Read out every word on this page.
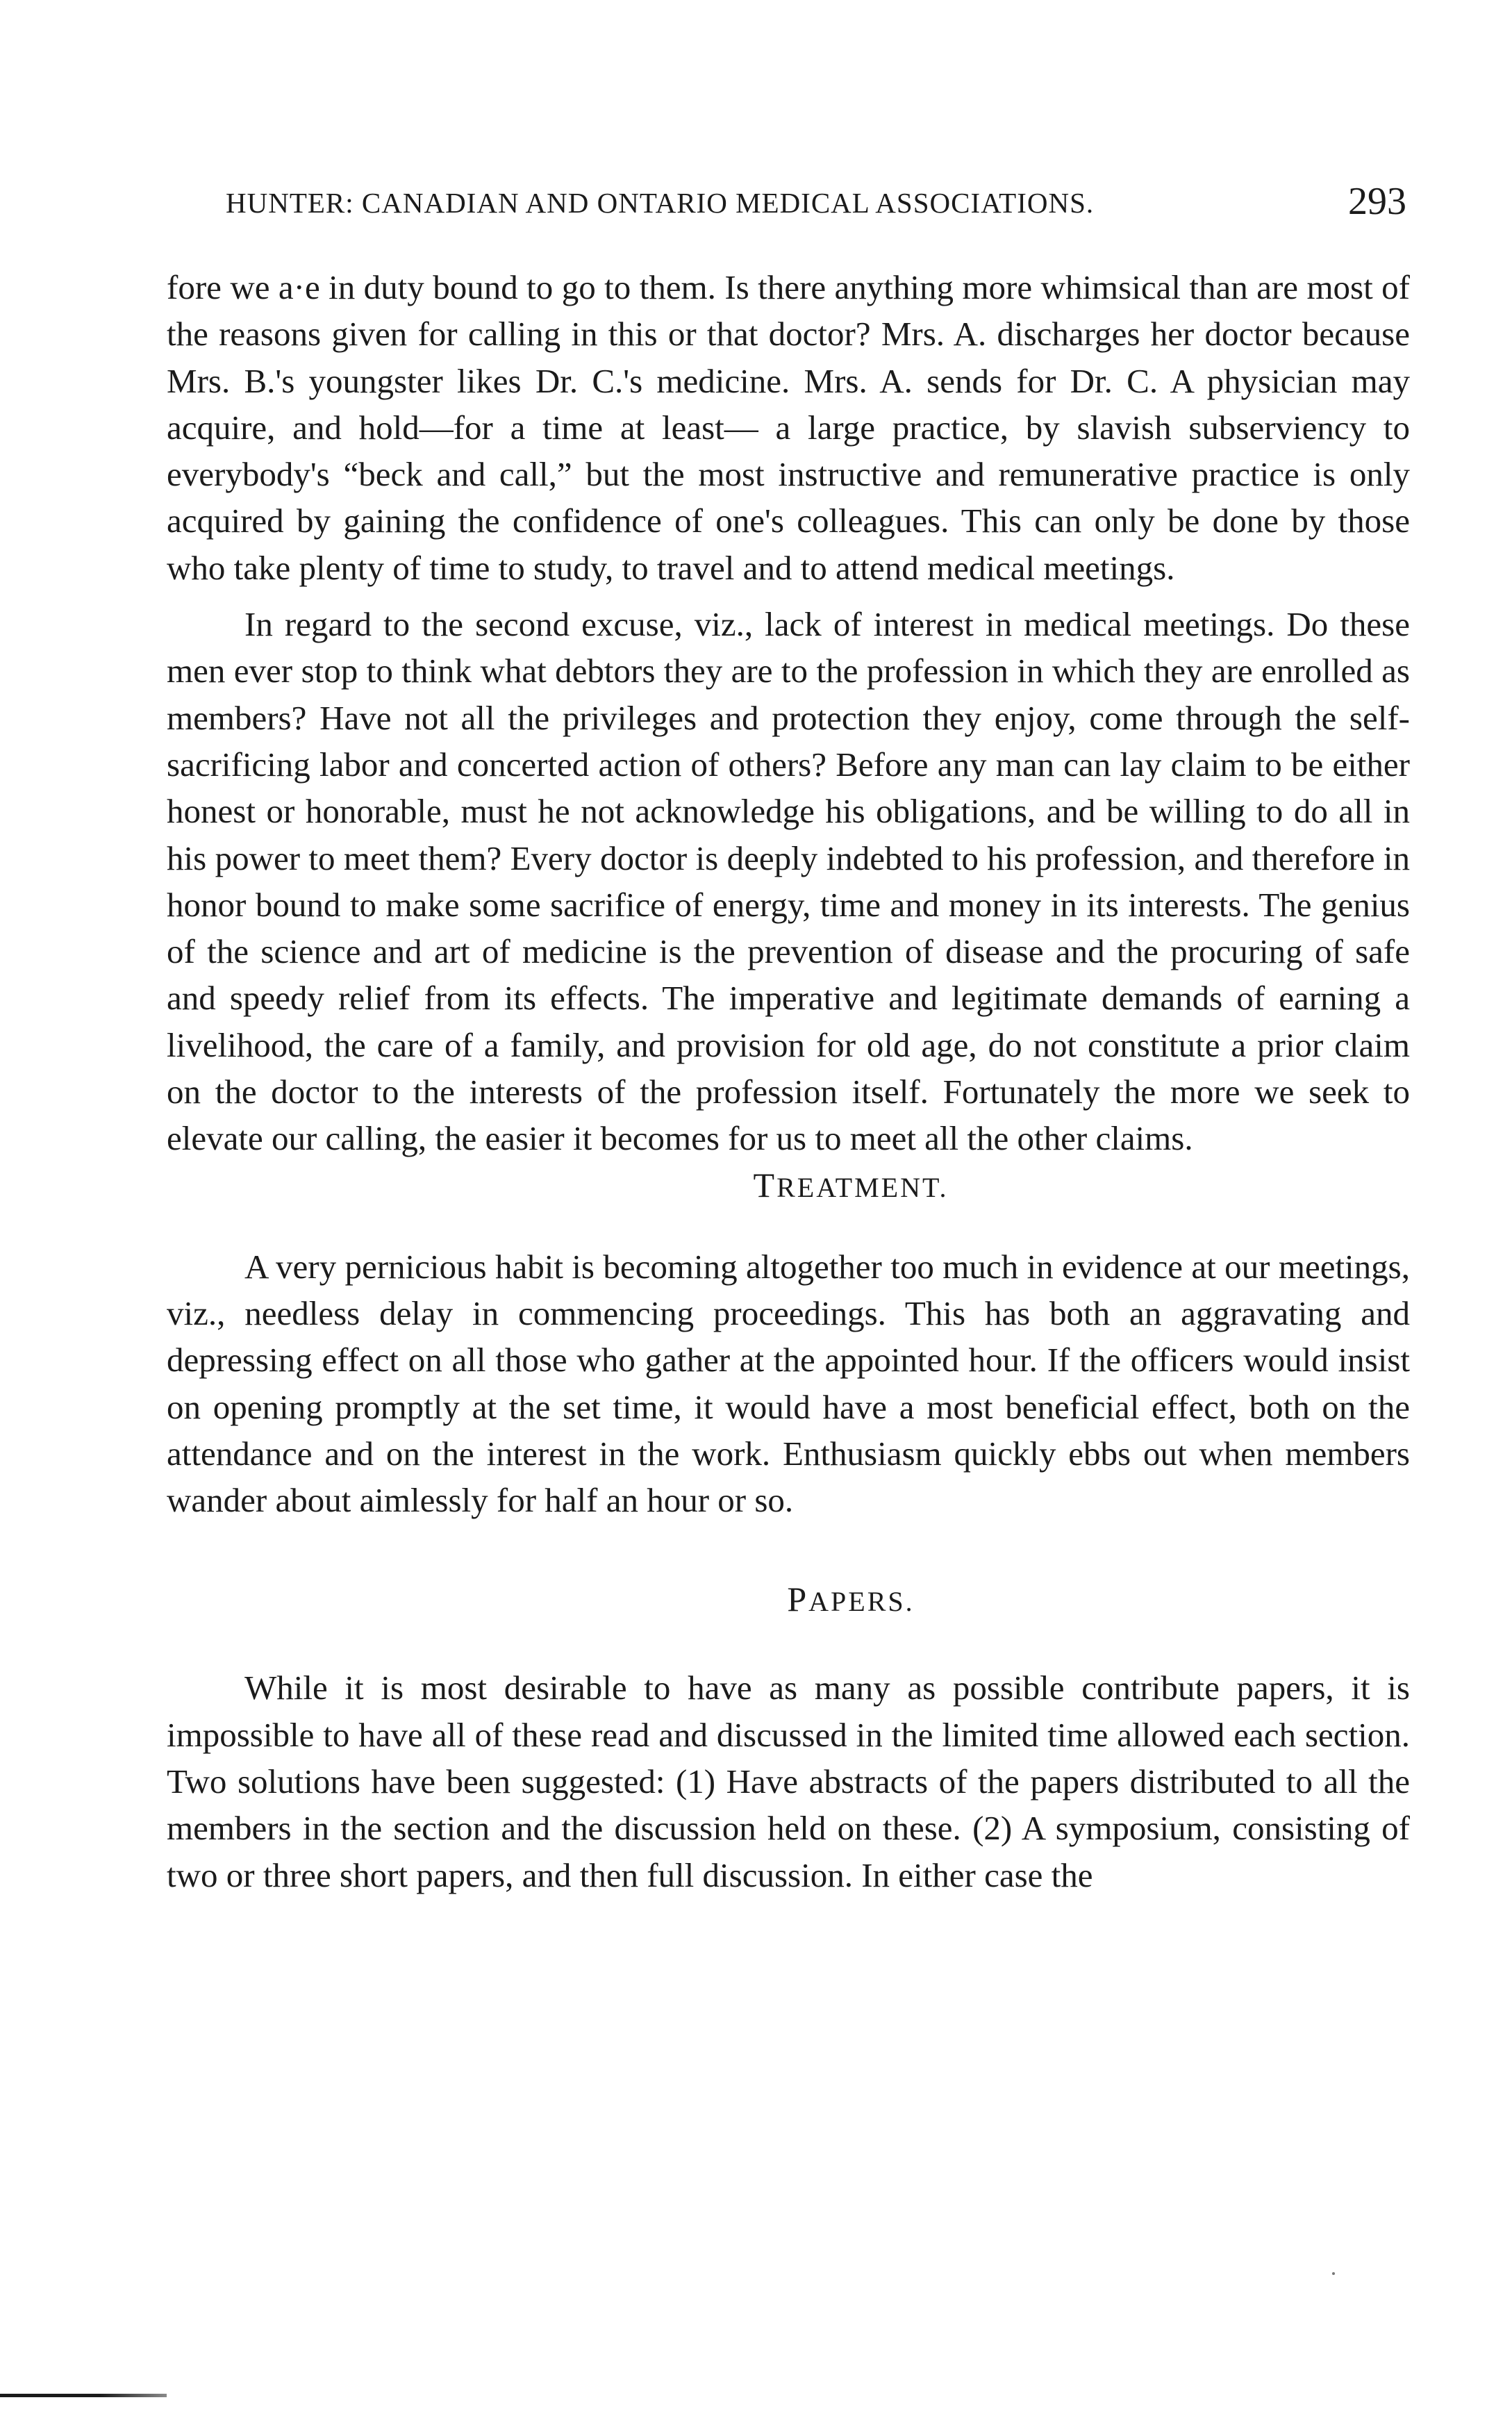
HUNTER: CANADIAN AND ONTARIO MEDICAL ASSOCIATIONS.	293

fore we a·e in duty bound to go to them. Is there anything more whimsical than are most of the reasons given for calling in this or that doctor? Mrs. A. discharges her doctor because Mrs. B.'s youngster likes Dr. C.'s medicine. Mrs. A. sends for Dr. C. A physician may acquire, and hold—for a time at least— a large practice, by slavish subserviency to everybody's “beck and call,” but the most instructive and remunerative practice is only acquired by gaining the confidence of one's colleagues. This can only be done by those who take plenty of time to study, to travel and to attend medical meetings.

In regard to the second excuse, viz., lack of interest in medical meetings. Do these men ever stop to think what debtors they are to the profession in which they are enrolled as members? Have not all the privileges and protection they enjoy, come through the self-sacrificing labor and concerted action of others? Before any man can lay claim to be either honest or honorable, must he not acknowledge his obligations, and be willing to do all in his power to meet them? Every doctor is deeply indebted to his profession, and therefore in honor bound to make some sacrifice of energy, time and money in its interests. The genius of the science and art of medicine is the prevention of disease and the procuring of safe and speedy relief from its effects. The imperative and legitimate demands of earning a livelihood, the care of a family, and provision for old age, do not constitute a prior claim on the doctor to the interests of the profession itself. Fortunately the more we seek to elevate our calling, the easier it becomes for us to meet all the other claims.

TREATMENT.

A very pernicious habit is becoming altogether too much in evidence at our meetings, viz., needless delay in commencing proceedings. This has both an aggravating and depressing effect on all those who gather at the appointed hour. If the officers would insist on opening promptly at the set time, it would have a most beneficial effect, both on the attendance and on the interest in the work. Enthusiasm quickly ebbs out when members wander about aimlessly for half an hour or so.

PAPERS.

While it is most desirable to have as many as possible contribute papers, it is impossible to have all of these read and discussed in the limited time allowed each section. Two solutions have been suggested: (1) Have abstracts of the papers distributed to all the members in the section and the discussion held on these. (2) A symposium, consisting of two or three short papers, and then full discussion. In either case the
